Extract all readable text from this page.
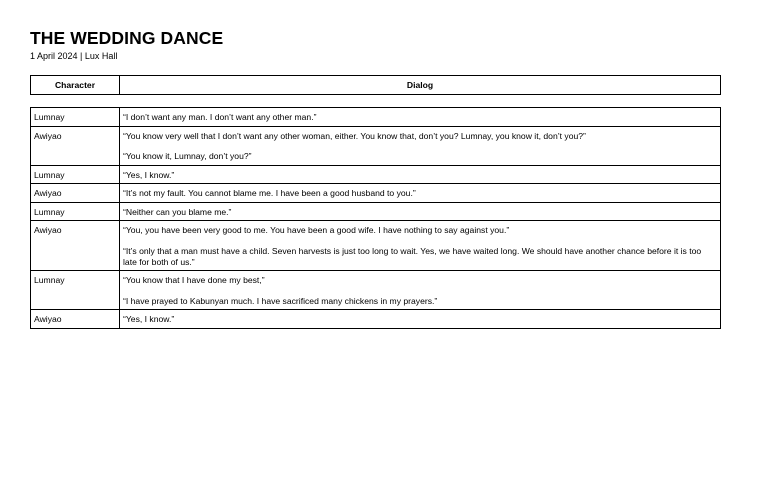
THE WEDDING DANCE
1 April 2024 | Lux Hall
Character	Dialog
Lumnay	“I don’t want any man. I don’t want any other man.”

Awiyao	“You know very well that I don’t want any other woman, either. You know that, don’t you? Lumnay, you know it, don’t you?”
“You know it, Lumnay, don’t you?”

Lumnay	“Yes, I know.”

Awiyao	“It’s not my fault. You cannot blame me. I have been a good husband to you.”

Lumnay	“Neither can you blame me.”

Awiyao	“You, you have been very good to me. You have been a good wife. I have nothing to say against you.”
“It’s only that a man must have a child. Seven harvests is just too long to wait. Yes, we have waited long. We should have another chance before it is too late for both of us.”

Lumnay	“You know that I have done my best,”
“I have prayed to Kabunyan much. I have sacrificed many chickens in my prayers.”

Awiyao	“Yes, I know.”
